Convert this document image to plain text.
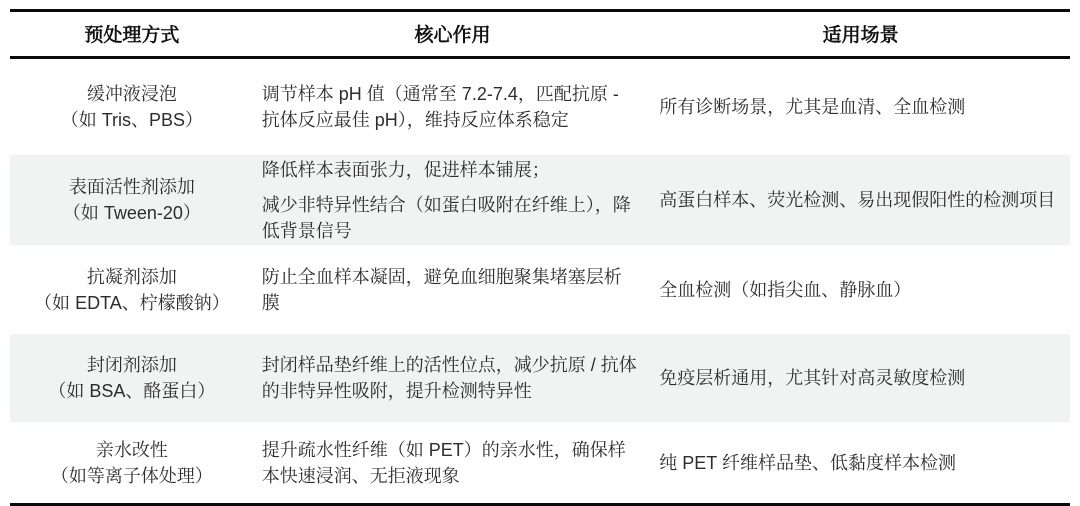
预处理方式	核心作用	适用场景
缓冲液浸泡
（如 Tris、PBS）

调节样本 pH 值（通常至 7.2-7.4，匹配抗原 - 抗体反应最佳 pH），维持反应体系稳定

所有诊断场景，尤其是血清、全血检测
表面活性剂添加
（如 Tween-20）

降低样本表面张力，促进样本铺展；

减少非特异性结合（如蛋白吸附在纤维上），降低背景信号

高蛋白样本、荧光检测、易出现假阳性的检测项目
抗凝剂添加
（如 EDTA、柠檬酸钠）

防止全血样本凝固，避免血细胞聚集堵塞层析膜

全血检测（如指尖血、静脉血）
封闭剂添加
（如 BSA、酪蛋白）

封闭样品垫纤维上的活性位点，减少抗原 / 抗体的非特异性吸附，提升检测特异性

免疫层析通用，尤其针对高灵敏度检测
亲水改性
（如等离子体处理）

提升疏水性纤维（如 PET）的亲水性，确保样本快速浸润、无拒液现象

纯 PET 纤维样品垫、低黏度样本检测
